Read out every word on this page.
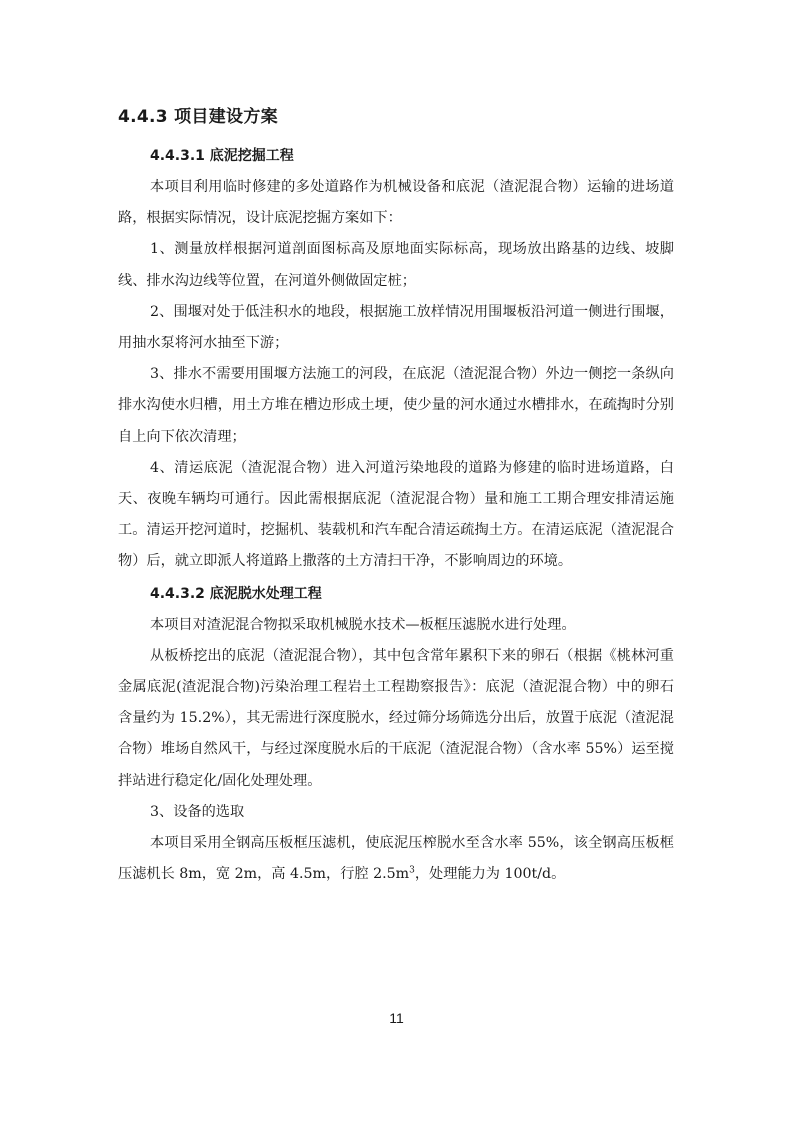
4.4.3 项目建设方案
4.4.3.1 底泥挖掘工程

本项目利用临时修建的多处道路作为机械设备和底泥（渣泥混合物）运输的进场道路，根据实际情况，设计底泥挖掘方案如下：

1、测量放样根据河道剖面图标高及原地面实际标高，现场放出路基的边线、坡脚线、排水沟边线等位置，在河道外侧做固定桩；

2、围堰对处于低洼积水的地段，根据施工放样情况用围堰板沿河道一侧进行围堰，用抽水泵将河水抽至下游；

3、排水不需要用围堰方法施工的河段，在底泥（渣泥混合物）外边一侧挖一条纵向排水沟使水归槽，用土方堆在槽边形成土埂，使少量的河水通过水槽排水，在疏掏时分别自上向下依次清理；

4、清运底泥（渣泥混合物）进入河道污染地段的道路为修建的临时进场道路，白天、夜晚车辆均可通行。因此需根据底泥（渣泥混合物）量和施工工期合理安排清运施工。清运开挖河道时，挖掘机、装载机和汽车配合清运疏掏土方。在清运底泥（渣泥混合物）后，就立即派人将道路上撒落的土方清扫干净，不影响周边的环境。

4.4.3.2 底泥脱水处理工程

本项目对渣泥混合物拟采取机械脱水技术—板框压滤脱水进行处理。

从板桥挖出的底泥（渣泥混合物），其中包含常年累积下来的卵石（根据《桃林河重金属底泥(渣泥混合物)污染治理工程岩土工程勘察报告》：底泥（渣泥混合物）中的卵石含量约为 15.2%），其无需进行深度脱水，经过筛分场筛选分出后，放置于底泥（渣泥混合物）堆场自然风干，与经过深度脱水后的干底泥（渣泥混合物）（含水率 55%）运至搅拌站进行稳定化/固化处理处理。

3、设备的选取

本项目采用全钢高压板框压滤机，使底泥压榨脱水至含水率 55%，该全钢高压板框压滤机长 8m，宽 2m，高 4.5m，行腔 $2.5m^3$，处理能力为 100t/d。

11
